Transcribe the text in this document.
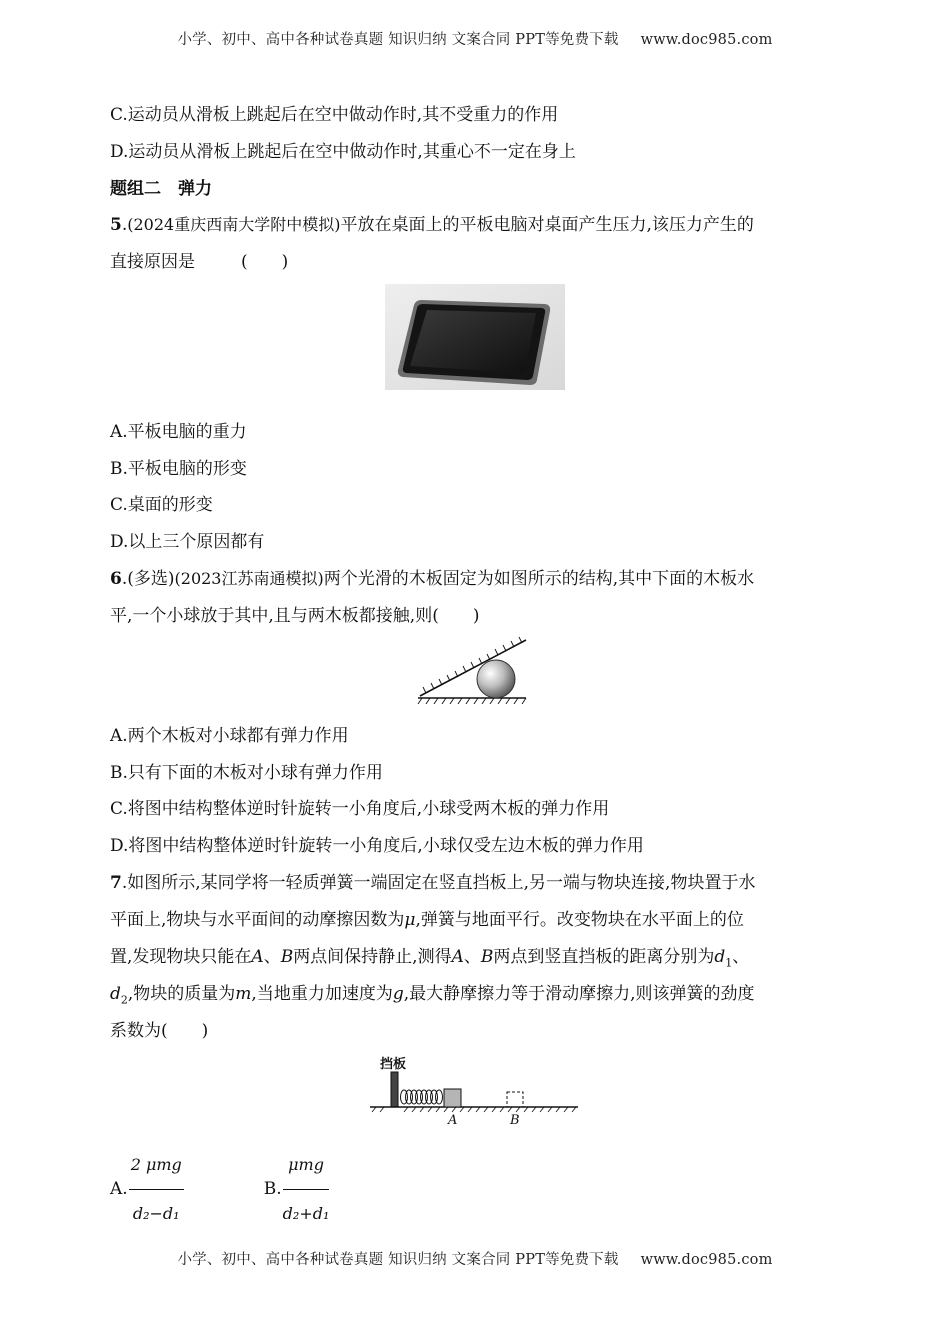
小学、初中、高中各种试卷真题 知识归纳 文案合同 PPT等免费下载 www.doc985.com
C.运动员从滑板上跳起后在空中做动作时,其不受重力的作用
D.运动员从滑板上跳起后在空中做动作时,其重心不一定在身上
题组二　弹力
5.(2024重庆西南大学附中模拟)平放在桌面上的平板电脑对桌面产生压力,该压力产生的
直接原因是	(　　)
A.平板电脑的重力
B.平板电脑的形变
C.桌面的形变
D.以上三个原因都有
6.(多选)(2023江苏南通模拟)两个光滑的木板固定为如图所示的结构,其中下面的木板水
平,一个小球放于其中,且与两木板都接触,则(　　)
A.两个木板对小球都有弹力作用
B.只有下面的木板对小球有弹力作用
C.将图中结构整体逆时针旋转一小角度后,小球受两木板的弹力作用
D.将图中结构整体逆时针旋转一小角度后,小球仅受左边木板的弹力作用
7.如图所示,某同学将一轻质弹簧一端固定在竖直挡板上,另一端与物块连接,物块置于水
平面上,物块与水平面间的动摩擦因数为μ,弹簧与地面平行。改变物块在水平面上的位
置,发现物块只能在A、B两点间保持静止,测得A、B两点到竖直挡板的距离分别为$d_1$、
$d_2$,物块的质量为m,当地重力加速度为g,最大静摩擦力等于滑动摩擦力,则该弹簧的劲度
系数为(　　)
挡板
A	B
A. $\frac{\text{2 μmg}}{\text{d₂−d₁}}$	B. $\frac{\text{μmg}}{\text{d₂+d₁}}$
小学、初中、高中各种试卷真题 知识归纳 文案合同 PPT等免费下载 www.doc985.com
